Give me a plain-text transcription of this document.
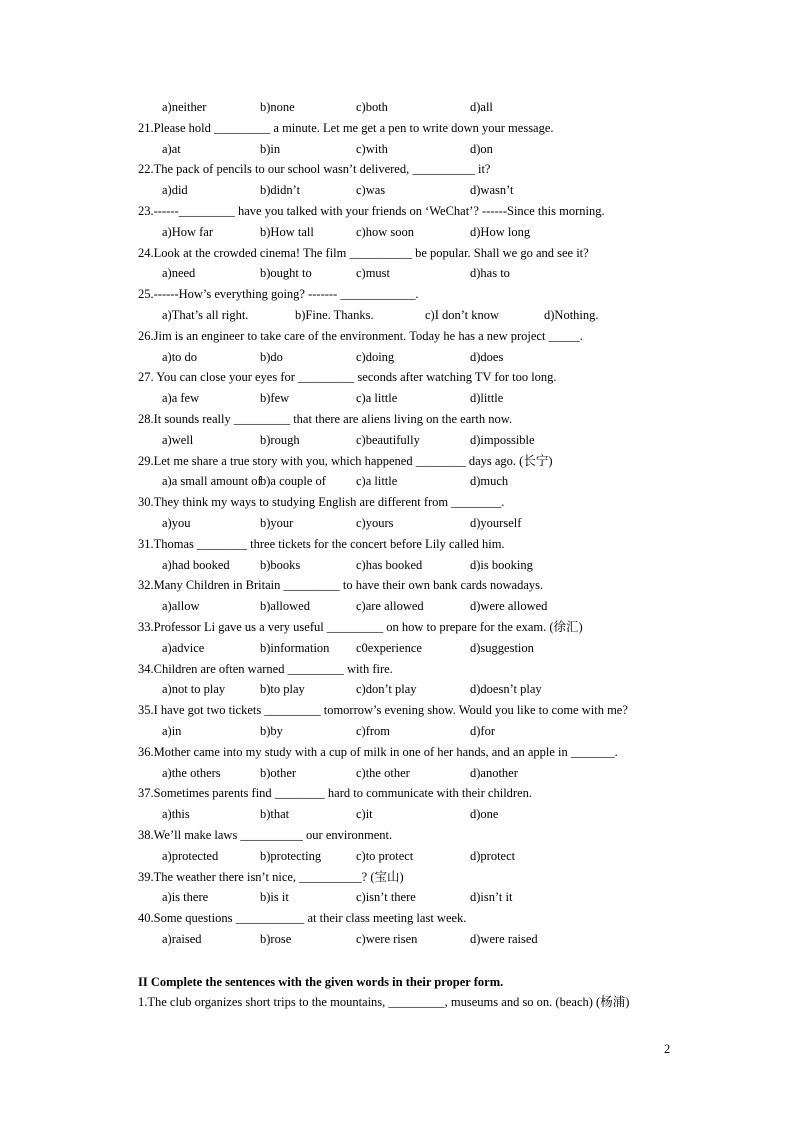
a)neither	b)none	c)both	d)all
21.Please hold _________ a minute. Let me get a pen to write down your message.
a)at	b)in	c)with	d)on
22.The pack of pencils to our school wasn’t delivered, __________ it?
a)did	b)didn’t	c)was	d)wasn’t
23.------_________ have you talked with your friends on ‘WeChat’? ------Since this morning.
a)How far	b)How tall	c)how soon	d)How long
24.Look at the crowded cinema! The film __________ be popular. Shall we go and see it?
a)need	b)ought to	c)must	d)has to
25.------How’s everything going? ------- ____________.
a)That’s all right.	b)Fine. Thanks.	c)I don’t know	d)Nothing.
26.Jim is an engineer to take care of the environment. Today he has a new project _____.
a)to do	b)do	c)doing	d)does
27. You can close your eyes for _________ seconds after watching TV for too long.
a)a few	b)few	c)a little	d)little
28.It sounds really _________ that there are aliens living on the earth now.
a)well	b)rough	c)beautifully	d)impossible
29.Let me share a true story with you, which happened ________ days ago. (长宁)
a)a small amount of
b)a couple of c)a little	d)much
30.They think my ways to studying English are different from ________.
a)you	b)your	c)yours	d)yourself
31.Thomas ________ three tickets for the concert before Lily called him.
a)had booked b)books	c)has booked	d)is booking
32.Many Children in Britain _________ to have their own bank cards nowadays.
a)allow	b)allowed	c)are allowed	d)were allowed
33.Professor Li gave us a very useful _________ on how to prepare for the exam. (徐汇)
a)advice	b)information c0experience	d)suggestion
34.Children are often warned _________ with fire.
a)not to play	b)to play	c)don’t play	d)doesn’t play
35.I have got two tickets _________ tomorrow’s evening show. Would you like to come with me?
a)in	b)by	c)from	d)for
36.Mother came into my study with a cup of milk in one of her hands, and an apple in _______.
a)the others	b)other	c)the other	d)another
37.Sometimes parents find ________ hard to communicate with their children.
a)this	b)that	c)it	d)one
38.We’ll make laws __________ our environment.
a)protected	b)protecting	c)to protect	d)protect
39.The weather there isn’t nice, __________? (宝山)
a)is there	b)is it	c)isn’t there	d)isn’t it
40.Some questions ___________ at their class meeting last week.
a)raised	b)rose	c)were risen	d)were raised
II Complete the sentences with the given words in their proper form.
1.The club organizes short trips to the mountains, _________, museums and so on. (beach) (杨浦)
2
